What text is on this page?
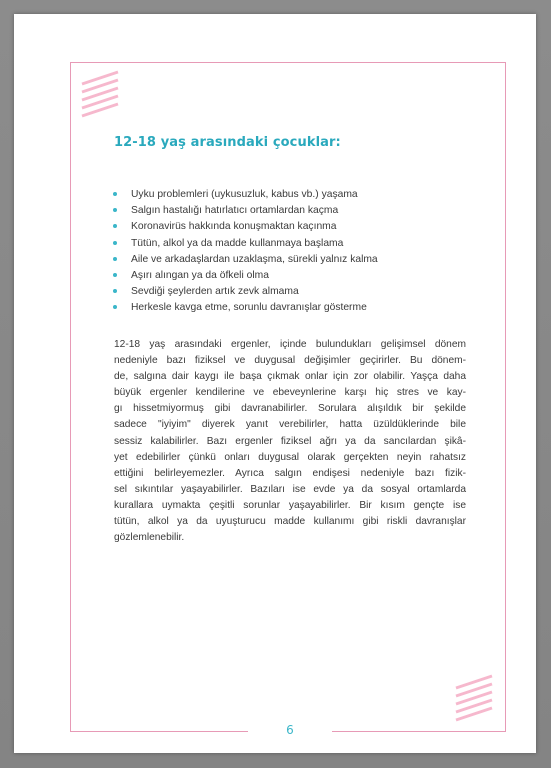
12-18 yaş arasındaki çocuklar:
Uyku problemleri (uykusuzluk, kabus vb.) yaşama
Salgın hastalığı hatırlatıcı ortamlardan kaçma
Koronavirüs hakkında konuşmaktan kaçınma
Tütün, alkol ya da madde kullanmaya başlama
Aile ve arkadaşlardan uzaklaşma, sürekli yalnız kalma
Aşırı alıngan ya da öfkeli olma
Sevdiği şeylerden artık zevk almama
Herkesle kavga etme, sorunlu davranışlar gösterme

12-18 yaş arasındaki ergenler, içinde bulundukları gelişimsel dönem
nedeniyle bazı fiziksel ve duygusal değişimler geçirirler. Bu dönem-
de, salgına dair kaygı ile başa çıkmak onlar için zor olabilir. Yaşça daha
büyük ergenler kendilerine ve ebeveynlerine karşı hiç stres ve kay-
gı hissetmiyormuş gibi davranabilirler. Sorulara alışıldık bir şekilde
sadece "iyiyim" diyerek yanıt verebilirler, hatta üzüldüklerinde bile
sessiz kalabilirler. Bazı ergenler fiziksel ağrı ya da sancılardan şikâ-
yet edebilirler çünkü onları duygusal olarak gerçekten neyin rahatsız
ettiğini belirleyemezler. Ayrıca salgın endişesi nedeniyle bazı fizik-
sel sıkıntılar yaşayabilirler. Bazıları ise evde ya da sosyal ortamlarda
kurallara uymakta çeşitli sorunlar yaşayabilirler. Bir kısım gençte ise
tütün, alkol ya da uyuşturucu madde kullanımı gibi riskli davranışlar
gözlemlenebilir.

6
